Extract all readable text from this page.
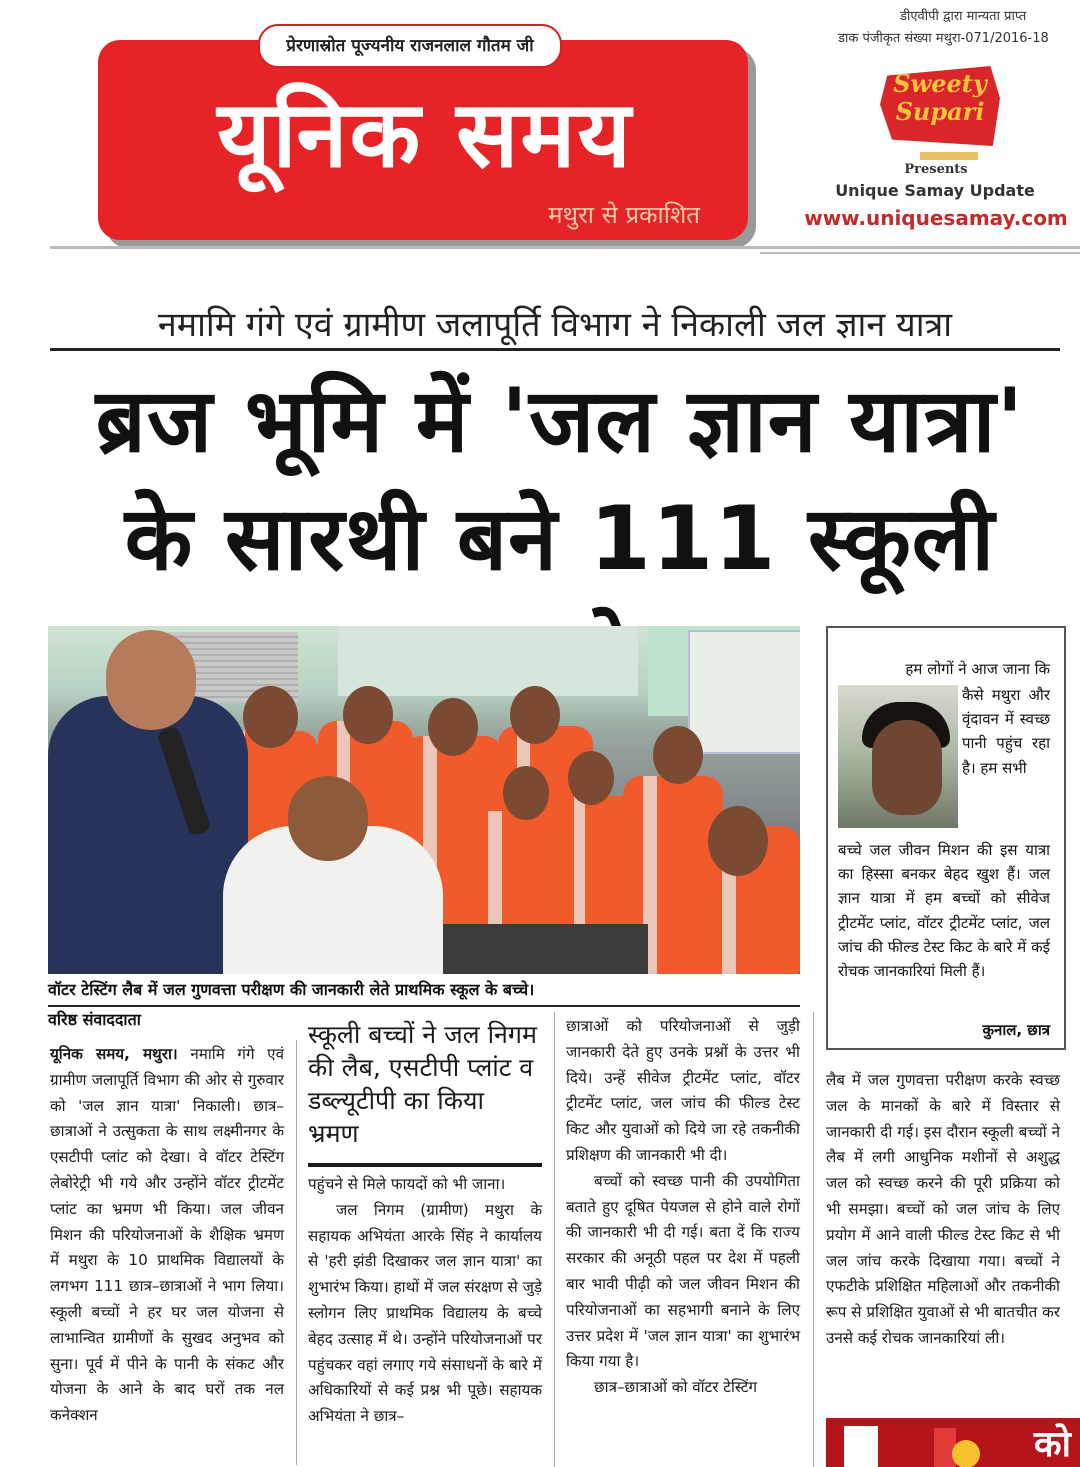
प्रेरणास्रोत पूज्यनीय राजनलाल गौतम जी
यूनिक समय
मथुरा से प्रकाशित
डीएवीपी द्वारा मान्यता प्राप्त
डाक पंजीकृत संख्या मथुरा-071/2016-18
Sweety Supari
Presents
Unique Samay Update
www.uniquesamay.com
नमामि गंगे एवं ग्रामीण जलापूर्ति विभाग ने निकाली जल ज्ञान यात्रा
ब्रज भूमि में 'जल ज्ञान यात्रा'
के सारथी बने 111 स्कूली
वॉटर टेस्टिंग लैब में जल गुणवत्ता परीक्षण की जानकारी लेते प्राथमिक स्कूल के बच्चे।
हम लोगों ने आज जाना कि
कैसे मथुरा और वृंदावन में स्वच्छ पानी पहुंच रहा है। हम सभी
बच्चे जल जीवन मिशन की इस यात्रा का हिस्सा बनकर बेहद खुश हैं। जल ज्ञान यात्रा में हम बच्चों को सीवेज ट्रीटमेंट प्लांट, वॉटर ट्रीटमेंट प्लांट, जल जांच की फील्ड टेस्ट किट के बारे में कई रोचक जानकारियां मिली हैं।
कुनाल, छात्र
वरिष्ठ संवाददाता

यूनिक समय, मथुरा। नमामि गंगे एवं ग्रामीण जलापूर्ति विभाग की ओर से गुरुवार को 'जल ज्ञान यात्रा' निकाली। छात्र–छात्राओं ने उत्सुकता के साथ लक्ष्मीनगर के एसटीपी प्लांट को देखा। वे वॉटर टेस्टिंग लेबोरेट्री भी गये और उन्होंने वॉटर ट्रीटमेंट प्लांट का भ्रमण भी किया। जल जीवन मिशन की परियोजनाओं के शैक्षिक भ्रमण में मथुरा के 10 प्राथमिक विद्यालयों के लगभग 111 छात्र–छात्राओं ने भाग लिया। स्कूली बच्चों ने हर घर जल योजना से लाभान्वित ग्रामीणों के सुखद अनुभव को सुना। पूर्व में पीने के पानी के संकट और योजना के आने के बाद घरों तक नल कनेक्शन

स्कूली बच्चों ने जल निगम की लैब, एसटीपी प्लांट व डब्ल्यूटीपी का किया भ्रमण

पहुंचने से मिले फायदों को भी जाना।

जल निगम (ग्रामीण) मथुरा के सहायक अभियंता आरके सिंह ने कार्यालय से 'हरी झंडी दिखाकर जल ज्ञान यात्रा' का शुभारंभ किया। हाथों में जल संरक्षण से जुड़े स्लोगन लिए प्राथमिक विद्यालय के बच्चे बेहद उत्साह में थे। उन्होंने परियोजनाओं पर पहुंचकर वहां लगाए गये संसाधनों के बारे में अधिकारियों से कई प्रश्न भी पूछे। सहायक अभियंता ने छात्र–

छात्राओं को परियोजनाओं से जुड़ी जानकारी देते हुए उनके प्रश्नों के उत्तर भी दिये। उन्हें सीवेज ट्रीटमेंट प्लांट, वॉटर ट्रीटमेंट प्लांट, जल जांच की फील्ड टेस्ट किट और युवाओं को दिये जा रहे तकनीकी प्रशिक्षण की जानकारी भी दी।

बच्चों को स्वच्छ पानी की उपयोगिता बताते हुए दूषित पेयजल से होने वाले रोगों की जानकारी भी दी गई। बता दें कि राज्य सरकार की अनूठी पहल पर देश में पहली बार भावी पीढ़ी को जल जीवन मिशन की परियोजनाओं का सहभागी बनाने के लिए उत्तर प्रदेश में 'जल ज्ञान यात्रा' का शुभारंभ किया गया है।

छात्र–छात्राओं को वॉटर टेस्टिंग

लैब में जल गुणवत्ता परीक्षण करके स्वच्छ जल के मानकों के बारे में विस्तार से जानकारी दी गई। इस दौरान स्कूली बच्चों ने लैब में लगी आधुनिक मशीनों से अशुद्ध जल को स्वच्छ करने की पूरी प्रक्रिया को भी समझा। बच्चों को जल जांच के लिए प्रयोग में आने वाली फील्ड टेस्ट किट से भी जल जांच करके दिखाया गया। बच्चों ने एफटीके प्रशिक्षित महिलाओं और तकनीकी रूप से प्रशिक्षित युवाओं से भी बातचीत कर उनसे कई रोचक जानकारियां ली।

को
